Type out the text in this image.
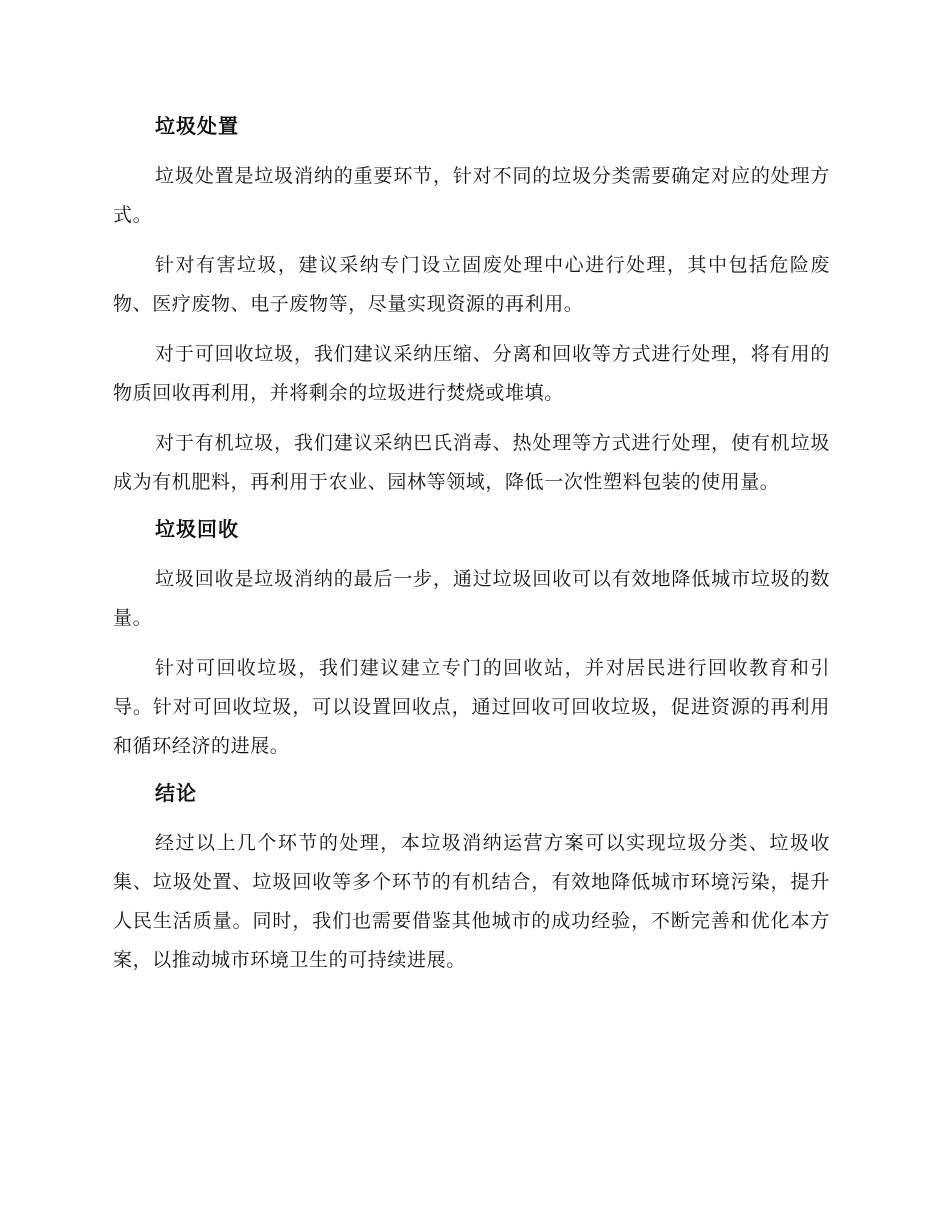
垃圾处置

垃圾处置是垃圾消纳的重要环节，针对不同的垃圾分类需要确定对应的处理方式。

针对有害垃圾，建议采纳专门设立固废处理中心进行处理，其中包括危险废物、医疗废物、电子废物等，尽量实现资源的再利用。

对于可回收垃圾，我们建议采纳压缩、分离和回收等方式进行处理，将有用的物质回收再利用，并将剩余的垃圾进行焚烧或堆填。

对于有机垃圾，我们建议采纳巴氏消毒、热处理等方式进行处理，使有机垃圾成为有机肥料，再利用于农业、园林等领域，降低一次性塑料包装的使用量。

垃圾回收

垃圾回收是垃圾消纳的最后一步，通过垃圾回收可以有效地降低城市垃圾的数量。

针对可回收垃圾，我们建议建立专门的回收站，并对居民进行回收教育和引导。针对可回收垃圾，可以设置回收点，通过回收可回收垃圾，促进资源的再利用和循环经济的进展。

结论

经过以上几个环节的处理，本垃圾消纳运营方案可以实现垃圾分类、垃圾收集、垃圾处置、垃圾回收等多个环节的有机结合，有效地降低城市环境污染，提升人民生活质量。同时，我们也需要借鉴其他城市的成功经验，不断完善和优化本方案，以推动城市环境卫生的可持续进展。
